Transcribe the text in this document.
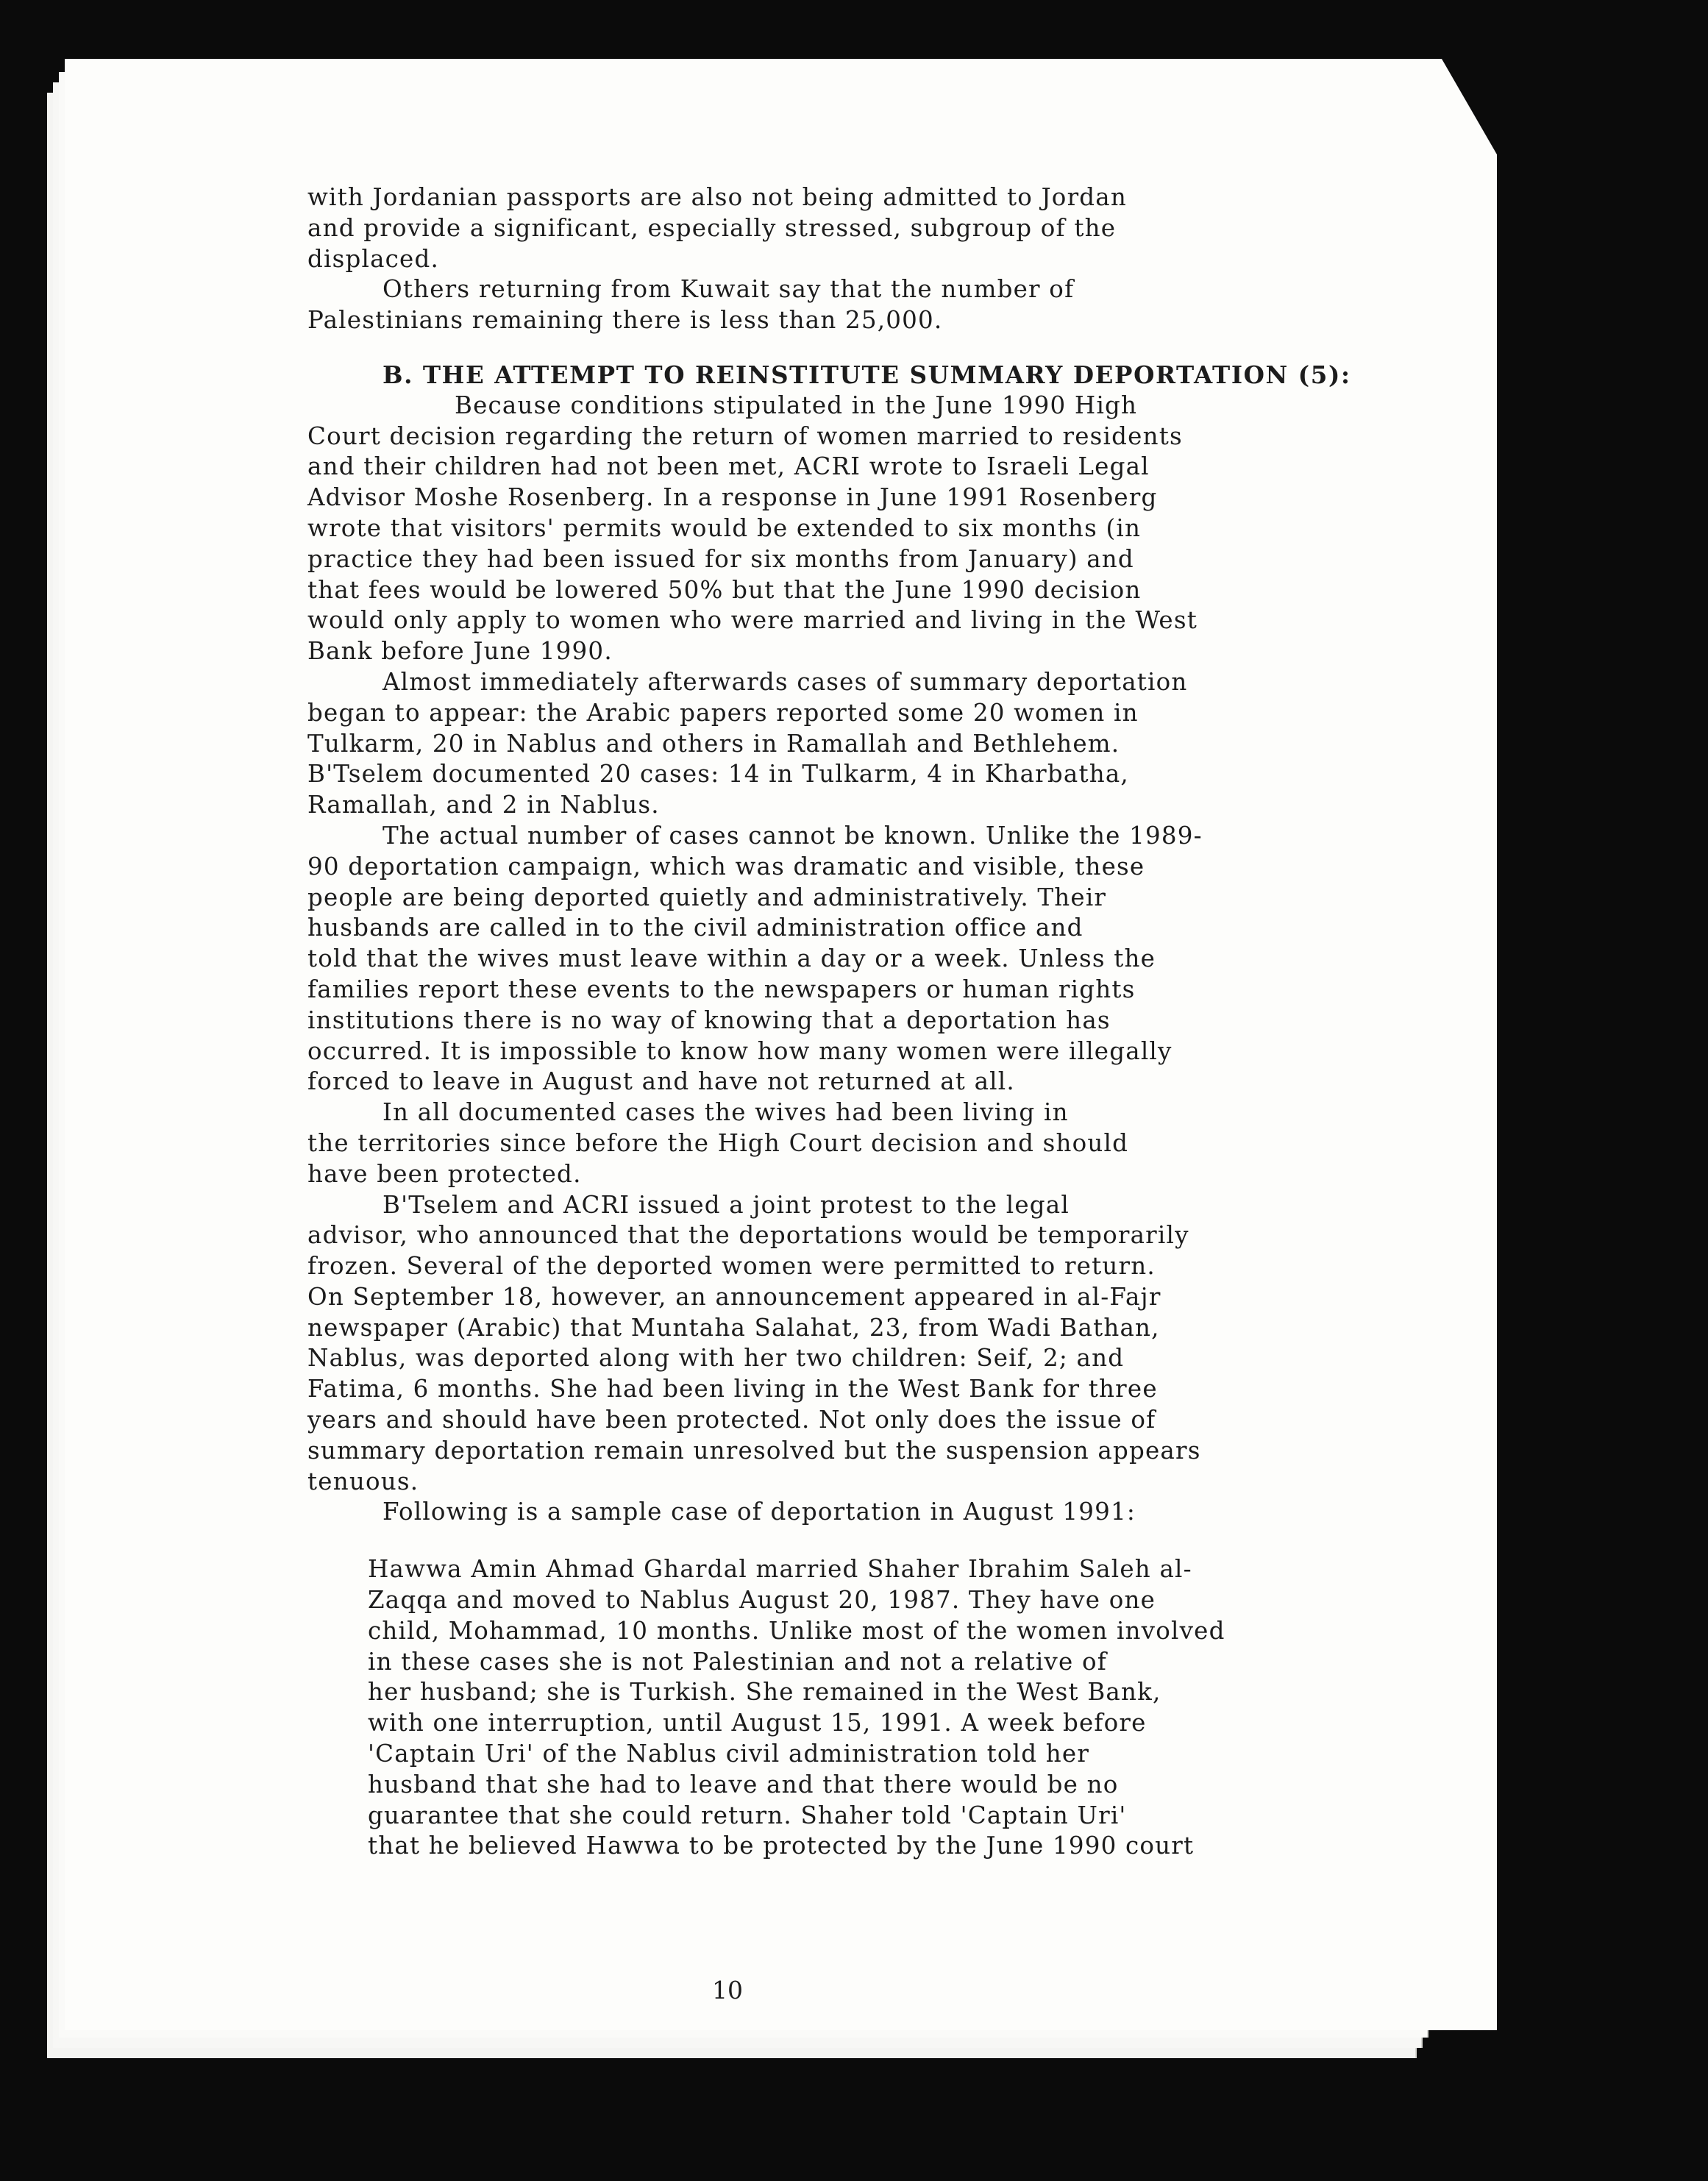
with Jordanian passports are also not being admitted to Jordan
and provide a significant, especially stressed, subgroup of the
displaced.
Others returning from Kuwait say that the number of
Palestinians remaining there is less than 25,000.
B. THE ATTEMPT TO REINSTITUTE SUMMARY DEPORTATION (5):
Because conditions stipulated in the June 1990 High
Court decision regarding the return of women married to residents
and their children had not been met, ACRI wrote to Israeli Legal
Advisor Moshe Rosenberg. In a response in June 1991 Rosenberg
wrote that visitors' permits would be extended to six months (in
practice they had been issued for six months from January) and
that fees would be lowered 50% but that the June 1990 decision
would only apply to women who were married and living in the West
Bank before June 1990.
Almost immediately afterwards cases of summary deportation
began to appear: the Arabic papers reported some 20 women in
Tulkarm, 20 in Nablus and others in Ramallah and Bethlehem.
B'Tselem documented 20 cases: 14 in Tulkarm, 4 in Kharbatha,
Ramallah, and 2 in Nablus.
The actual number of cases cannot be known. Unlike the 1989-
90 deportation campaign, which was dramatic and visible, these
people are being deported quietly and administratively. Their
husbands are called in to the civil administration office and
told that the wives must leave within a day or a week. Unless the
families report these events to the newspapers or human rights
institutions there is no way of knowing that a deportation has
occurred. It is impossible to know how many women were illegally
forced to leave in August and have not returned at all.
In all documented cases the wives had been living in
the territories since before the High Court decision and should
have been protected.
B'Tselem and ACRI issued a joint protest to the legal
advisor, who announced that the deportations would be temporarily
frozen. Several of the deported women were permitted to return.
On September 18, however, an announcement appeared in al-Fajr
newspaper (Arabic) that Muntaha Salahat, 23, from Wadi Bathan,
Nablus, was deported along with her two children: Seif, 2; and
Fatima, 6 months. She had been living in the West Bank for three
years and should have been protected. Not only does the issue of
summary deportation remain unresolved but the suspension appears
tenuous.
Following is a sample case of deportation in August 1991:
Hawwa Amin Ahmad Ghardal married Shaher Ibrahim Saleh al-
Zaqqa and moved to Nablus August 20, 1987. They have one
child, Mohammad, 10 months. Unlike most of the women involved
in these cases she is not Palestinian and not a relative of
her husband; she is Turkish. She remained in the West Bank,
with one interruption, until August 15, 1991. A week before
'Captain Uri' of the Nablus civil administration told her
husband that she had to leave and that there would be no
guarantee that she could return. Shaher told 'Captain Uri'
that he believed Hawwa to be protected by the June 1990 court
10
